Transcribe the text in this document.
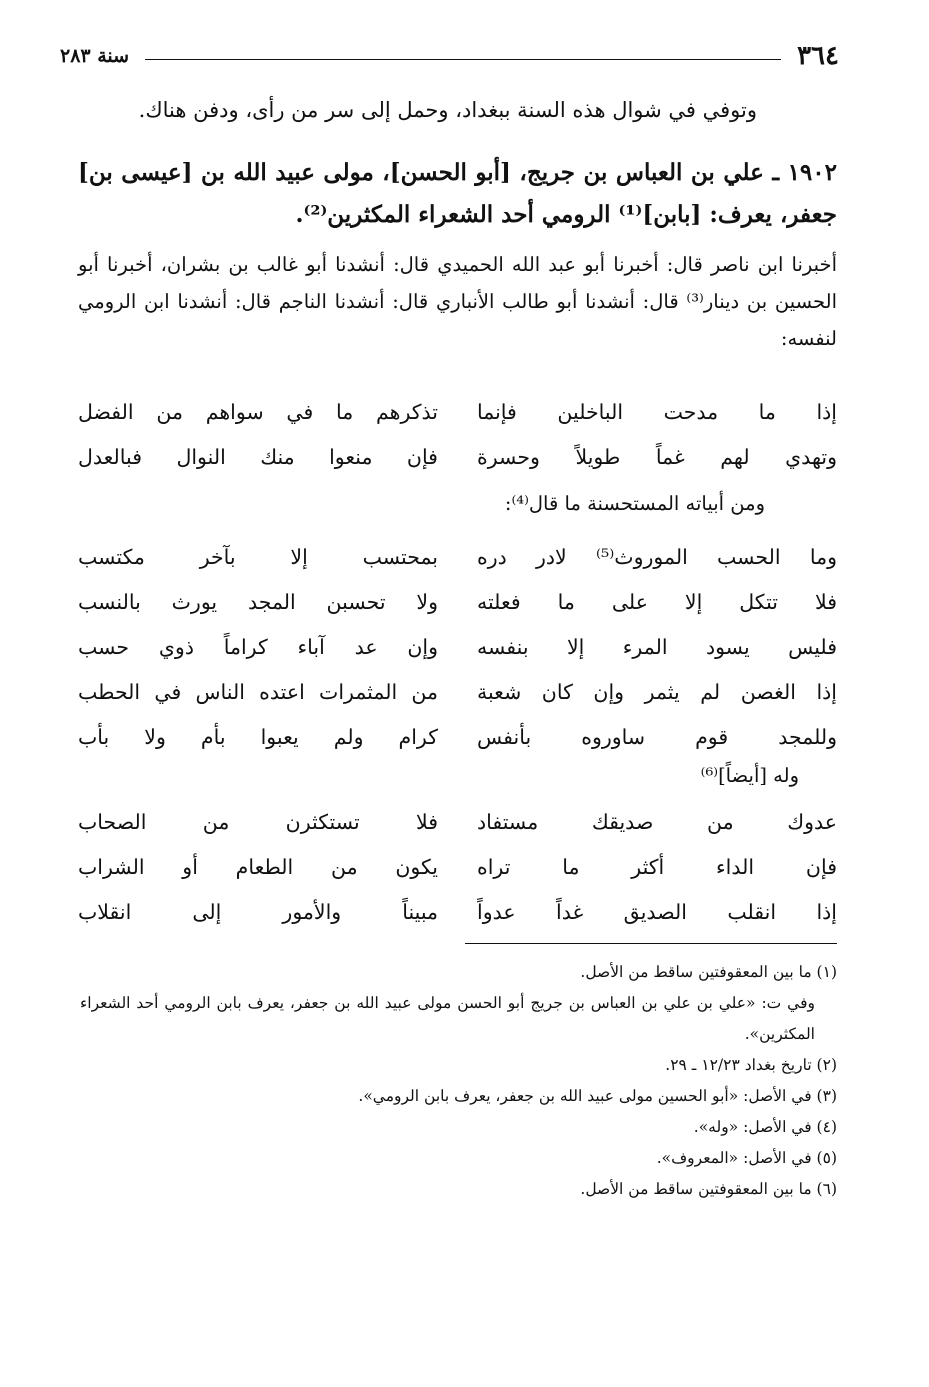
٣٦٤
سنة ٢٨٣
وتوفي في شوال هذه السنة ببغداد، وحمل إلى سر من رأى، ودفن هناك.
١٩٠٢ ـ علي بن العباس بن جريج، [أبو الحسن]، مولى عبيد الله بن [عيسى بن] جعفر، يعرف: [بابن]⁽¹⁾ الرومي أحد الشعراء المكثرين⁽²⁾.
أخبرنا ابن ناصر قال: أخبرنا أبو عبد الله الحميدي قال: أنشدنا أبو غالب بن بشران، أخبرنا أبو الحسين بن دينار⁽³⁾ قال: أنشدنا أبو طالب الأنباري قال: أنشدنا الناجم قال: أنشدنا ابن الرومي لنفسه:
إذا ما مدحت الباخلين فإنما
تذكرهم ما في سواهم من الفضل
وتهدي لهم غماً طويلاً وحسرة
فإن منعوا منك النوال فبالعدل
ومن أبياته المستحسنة ما قال⁽⁴⁾:
وما الحسب الموروث⁽⁵⁾ لادر دره
بمحتسب إلا بآخر مكتسب
فلا تتكل إلا على ما فعلته
ولا تحسبن المجد يورث بالنسب
فليس يسود المرء إلا بنفسه
وإن عد آباء كراماً ذوي حسب
إذا الغصن لم يثمر وإن كان شعبة
من المثمرات اعتده الناس في الحطب
وللمجد قوم ساوروه بأنفس
كرام ولم يعبوا بأم ولا بأب
وله [أيضاً]⁽⁶⁾
عدوك من صديقك مستفاد
فلا تستكثرن من الصحاب
فإن الداء أكثر ما تراه
يكون من الطعام أو الشراب
إذا انقلب الصديق غداً عدواً
مبيناً والأمور إلى انقلاب
(١) ما بين المعقوفتين ساقط من الأصل.
وفي ت: «علي بن علي بن العباس بن جريج أبو الحسن مولى عبيد الله بن جعفر، يعرف بابن الرومي أحد الشعراء المكثرين».
(٢) تاريخ بغداد ١٢/٢٣ ـ ٢٩.
(٣) في الأصل: «أبو الحسين مولى عبيد الله بن جعفر، يعرف بابن الرومي».
(٤) في الأصل: «وله».
(٥) في الأصل: «المعروف».
(٦) ما بين المعقوفتين ساقط من الأصل.
